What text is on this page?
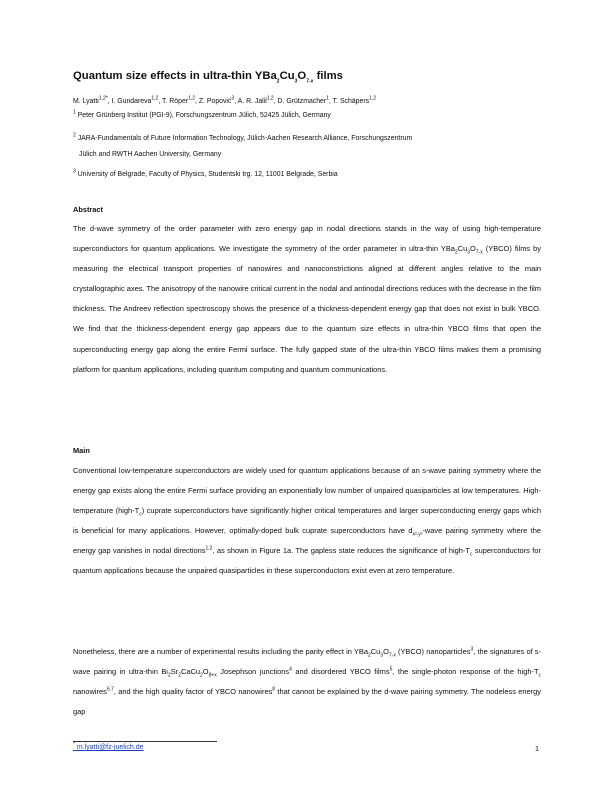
Quantum size effects in ultra-thin $YBa_2Cu_3O_{7-x}$ films
M. Lyatti$^{1,2*}$, I. Gundareva$^{1,2}$, T. Röper$^{1,2}$, Z. Popović$^3$, A. R. Jalil$^{1,2}$, D. Grützmacher$^1$, T. Schäpers$^{1,2}$
$^1$ Peter Grünberg Institut (PGI-9), Forschungszentrum Jülich, 52425 Jülich, Germany
$^2$ JARA-Fundamentals of Future Information Technology, Jülich-Aachen Research Alliance, Forschungszentrum
Jülich and RWTH Aachen University, Germany
$^3$ University of Belgrade, Faculty of Physics, Studentski trg. 12, 11001 Belgrade, Serbia
Abstract
The d-wave symmetry of the order parameter with zero energy gap in nodal directions stands in the way of using high-temperature superconductors for quantum applications. We investigate the symmetry of the order parameter in ultra-thin $YBa_2Cu_3O_{7-x}$ (YBCO) films by measuring the electrical transport properties of nanowires and nanoconstrictions aligned at different angles relative to the main crystallographic axes. The anisotropy of the nanowire critical current in the nodal and antinodal directions reduces with the decrease in the film thickness. The Andreev reflection spectroscopy shows the presence of a thickness-dependent energy gap that does not exist in bulk YBCO. We find that the thickness-dependent energy gap appears due to the quantum size effects in ultra-thin YBCO films that open the superconducting energy gap along the entire Fermi surface. The fully gapped state of the ultra-thin YBCO films makes them a promising platform for quantum applications, including quantum computing and quantum communications.
Main
Conventional low-temperature superconductors are widely used for quantum applications because of an s-wave pairing symmetry where the energy gap exists along the entire Fermi surface providing an exponentially low number of unpaired quasiparticles at low temperatures. High-temperature $(high-T_c)$ cuprate superconductors have significantly higher critical temperatures and larger superconducting energy gaps which is beneficial for many applications. However, optimally-doped bulk cuprate superconductors have $d_{x^2-y^2}$-wave pairing symmetry where the energy gap vanishes in nodal directions$^{1,2}$, as shown in Figure 1a. The gapless state reduces the significance of high-$T_c$ superconductors for quantum applications because the unpaired quasiparticles in these superconductors exist even at zero temperature.
Nonetheless, there are a number of experimental results including the parity effect in $YBa_2Cu_3O_{7-x}$ (YBCO) nanoparticles$^3$, the signatures of s-wave pairing in ultra-thin $Bi_2Sr_2CaCu_2O_{8+x}$ Josephson junctions$^4$ and disordered YBCO films$^5$, the single-photon response of the high-$T_c$ nanowires$^{6,7}$, and the high quality factor of YBCO nanowires$^8$ that cannot be explained by the d-wave pairing symmetry. The nodeless energy gap
* m.lyatti@fz-juelich.de	1
